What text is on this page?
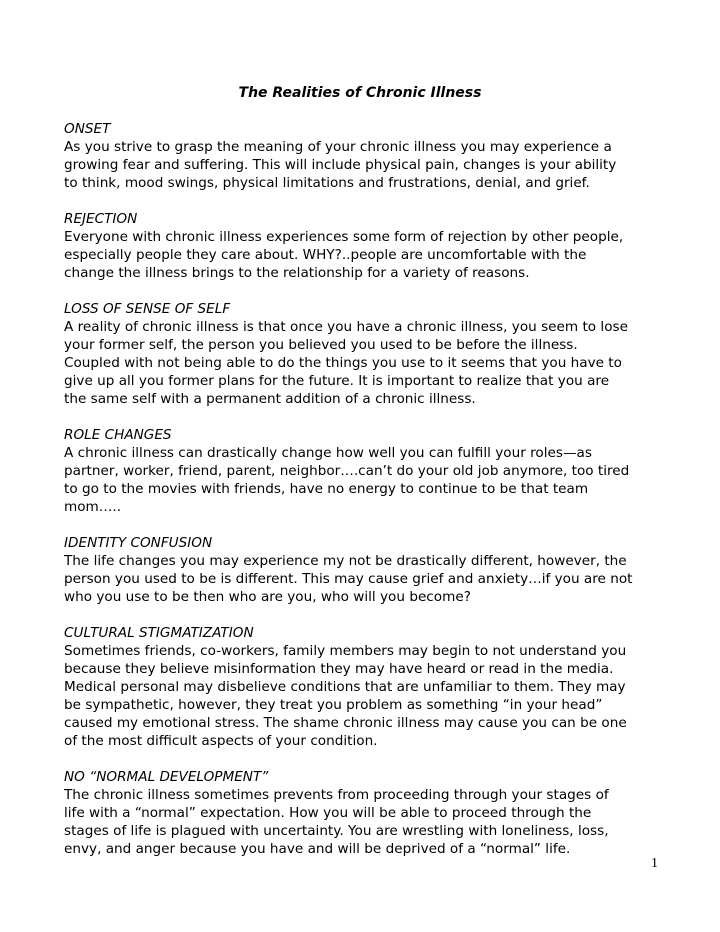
The Realities of Chronic Illness
ONSET
As you strive to grasp the meaning of your chronic illness you may experience a
growing fear and suffering. This will include physical pain, changes is your ability
to think, mood swings, physical limitations and frustrations, denial, and grief.
REJECTION
Everyone with chronic illness experiences some form of rejection by other people,
especially people they care about. WHY?..people are uncomfortable with the
change the illness brings to the relationship for a variety of reasons.
LOSS OF SENSE OF SELF
A reality of chronic illness is that once you have a chronic illness, you seem to lose
your former self, the person you believed you used to be before the illness.
Coupled with not being able to do the things you use to it seems that you have to
give up all you former plans for the future. It is important to realize that you are
the same self with a permanent addition of a chronic illness.
ROLE CHANGES
A chronic illness can drastically change how well you can fulfill your roles—as
partner, worker, friend, parent, neighbor….can’t do your old job anymore, too tired
to go to the movies with friends, have no energy to continue to be that team
mom…..
IDENTITY CONFUSION
The life changes you may experience my not be drastically different, however, the
person you used to be is different. This may cause grief and anxiety…if you are not
who you use to be then who are you, who will you become?
CULTURAL STIGMATIZATION
Sometimes friends, co-workers, family members may begin to not understand you
because they believe misinformation they may have heard or read in the media.
Medical personal may disbelieve conditions that are unfamiliar to them. They may
be sympathetic, however, they treat you problem as something “in your head”
caused my emotional stress. The shame chronic illness may cause you can be one
of the most difficult aspects of your condition.
NO “NORMAL DEVELOPMENT”
The chronic illness sometimes prevents from proceeding through your stages of
life with a “normal” expectation. How you will be able to proceed through the
stages of life is plagued with uncertainty. You are wrestling with loneliness, loss,
envy, and anger because you have and will be deprived of a “normal” life.
1
